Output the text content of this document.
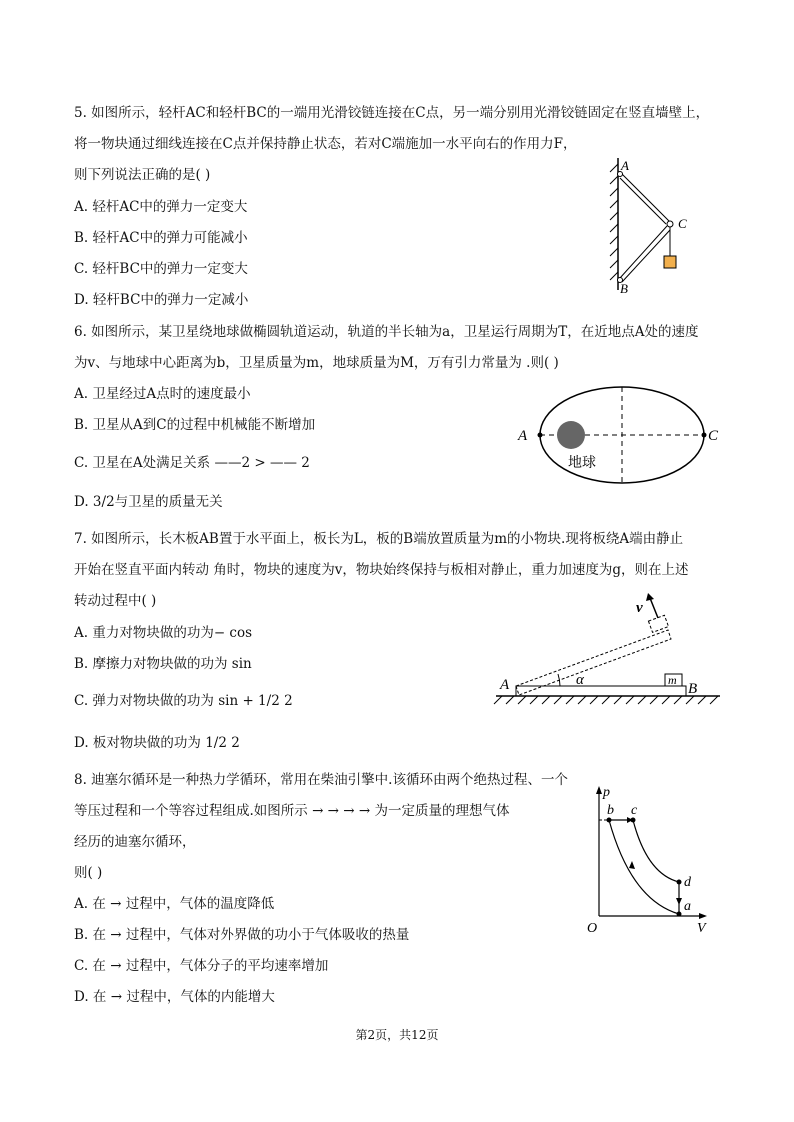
5. 如图所示，轻杆AC和轻杆BC的一端用光滑铰链连接在C点，另一端分别用光滑铰链固定在竖直墙壁上，
将一物块通过细线连接在C点并保持静止状态，若对C端施加一水平向右的作用力F，
则下列说法正确的是( )
A. 轻杆AC中的弹力一定变大
B. 轻杆AC中的弹力可能减小
C. 轻杆BC中的弹力一定变大
D. 轻杆BC中的弹力一定减小
A
B
C
6. 如图所示，某卫星绕地球做椭圆轨道运动，轨道的半长轴为a，卫星运行周期为T，在近地点A处的速度
为v、与地球中心距离为b，卫星质量为m，地球质量为M，万有引力常量为 .则( )
A. 卫星经过A点时的速度最小
B. 卫星从A到C的过程中机械能不断增加
C. 卫星在A处满足关系 ——2 > —— 2
D. 3/2与卫星的质量无关
A	C
地球
7. 如图所示，长木板AB置于水平面上，板长为L，板的B端放置质量为m的小物块.现将板绕A端由静止
开始在竖直平面内转动 角时，物块的速度为v，物块始终保持与板相对静止，重力加速度为g，则在上述
转动过程中( )
A. 重力对物块做的功为− cos
B. 摩擦力对物块做的功为 sin
C. 弹力对物块做的功为 sin + 1/2 2
D. 板对物块做的功为 1/2 2
A	B
m
v
α
8. 迪塞尔循环是一种热力学循环，常用在柴油引擎中.该循环由两个绝热过程、一个
等压过程和一个等容过程组成.如图所示 → → → → 为一定质量的理想气体
经历的迪塞尔循环，
则( )
A. 在 → 过程中，气体的温度降低
B. 在 → 过程中，气体对外界做的功小于气体吸收的热量
C. 在 → 过程中，气体分子的平均速率增加
D. 在 → 过程中，气体的内能增大
p
V
O
b c
d
a
第2页，共12页
